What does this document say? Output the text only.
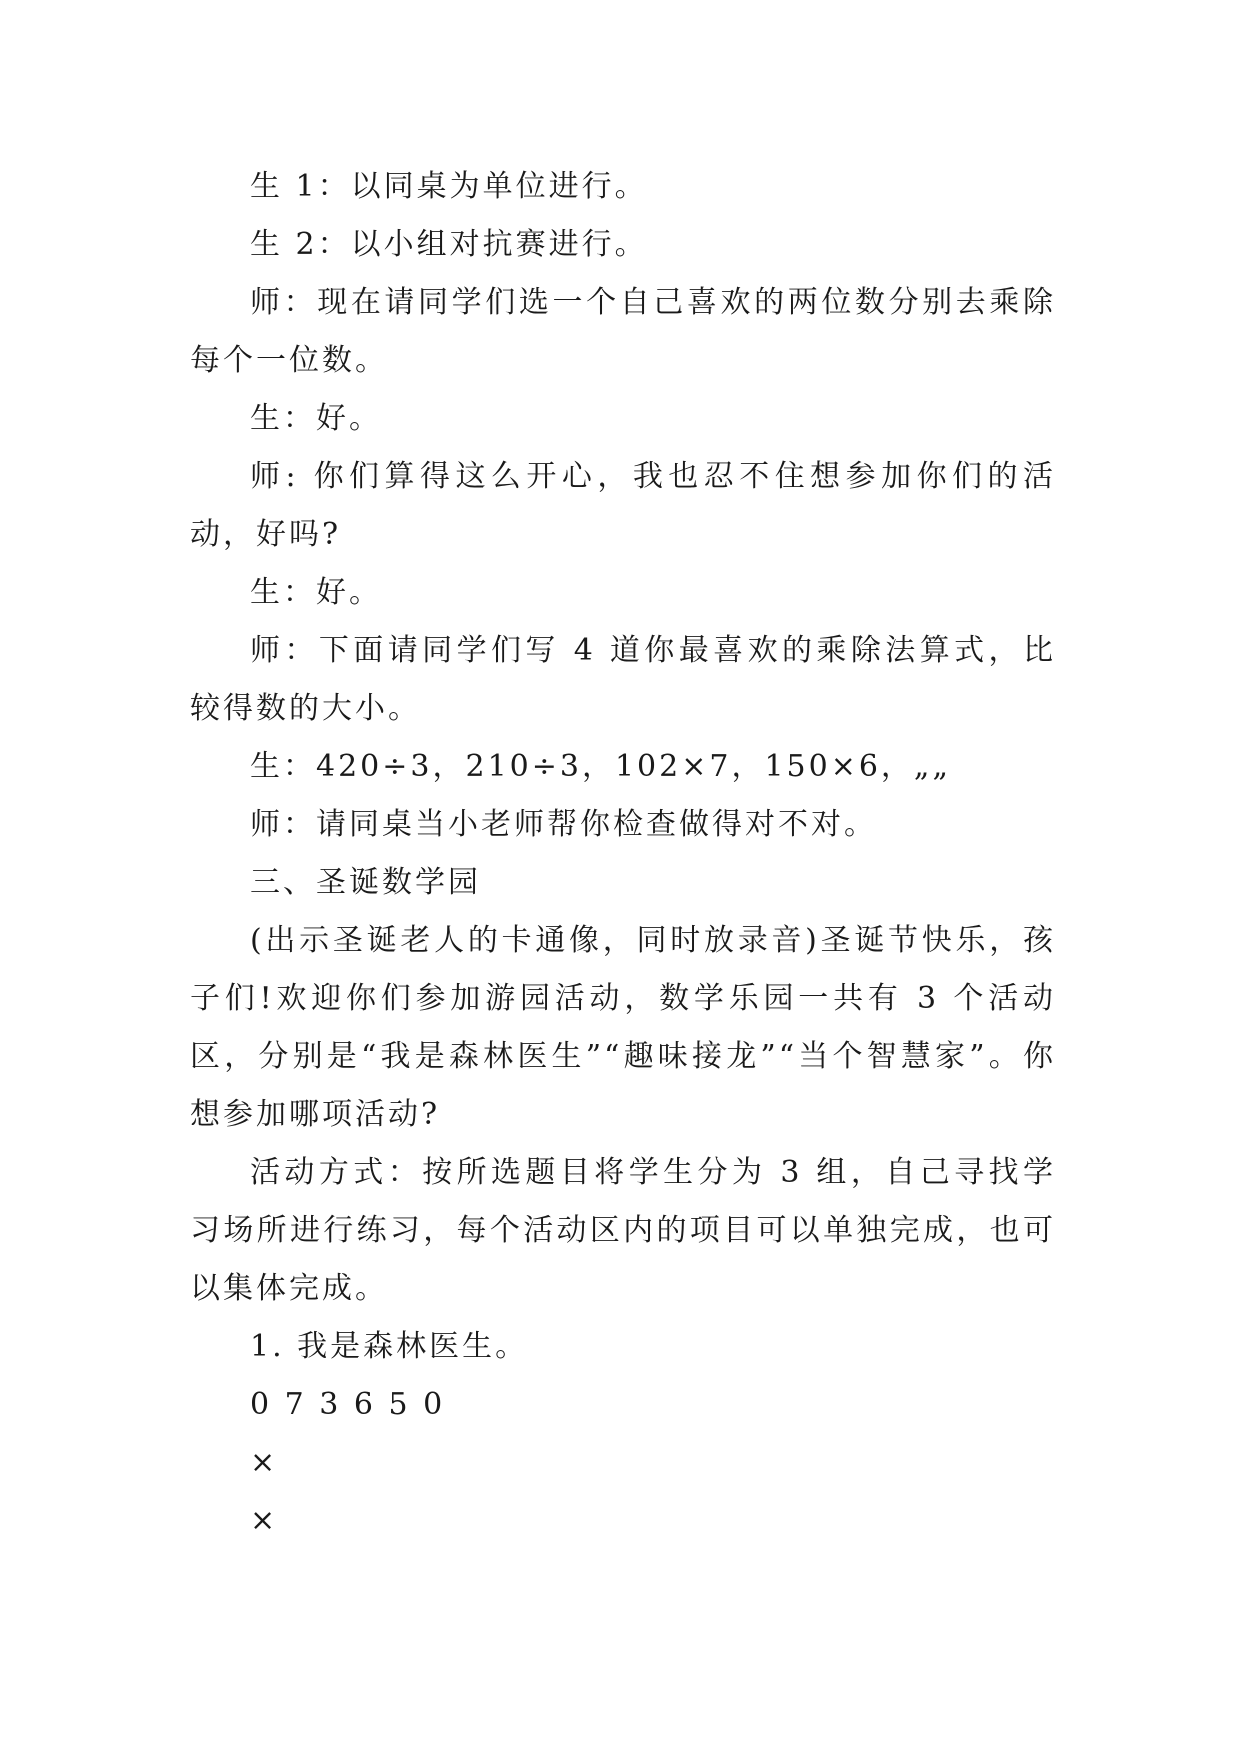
生 1：以同桌为单位进行。

生 2：以小组对抗赛进行。

师：现在请同学们选一个自己喜欢的两位数分别去乘除每个一位数。

生：好。

师: 你们算得这么开心，我也忍不住想参加你们的活动，好吗?

生：好。

师：下面请同学们写 4 道你最喜欢的乘除法算式，比较得数的大小。

生：420÷3，210÷3，102×7，150×6，„„

师：请同桌当小老师帮你检查做得对不对。

三、圣诞数学园

(出示圣诞老人的卡通像，同时放录音)圣诞节快乐，孩子们!欢迎你们参加游园活动，数学乐园一共有 3 个活动区，分别是“我是森林医生”“趣味接龙”“当个智慧家”。你想参加哪项活动?

活动方式：按所选题目将学生分为 3 组，自己寻找学习场所进行练习，每个活动区内的项目可以单独完成，也可以集体完成。

1. 我是森林医生。

0 7 3 6 5 0

×

×
